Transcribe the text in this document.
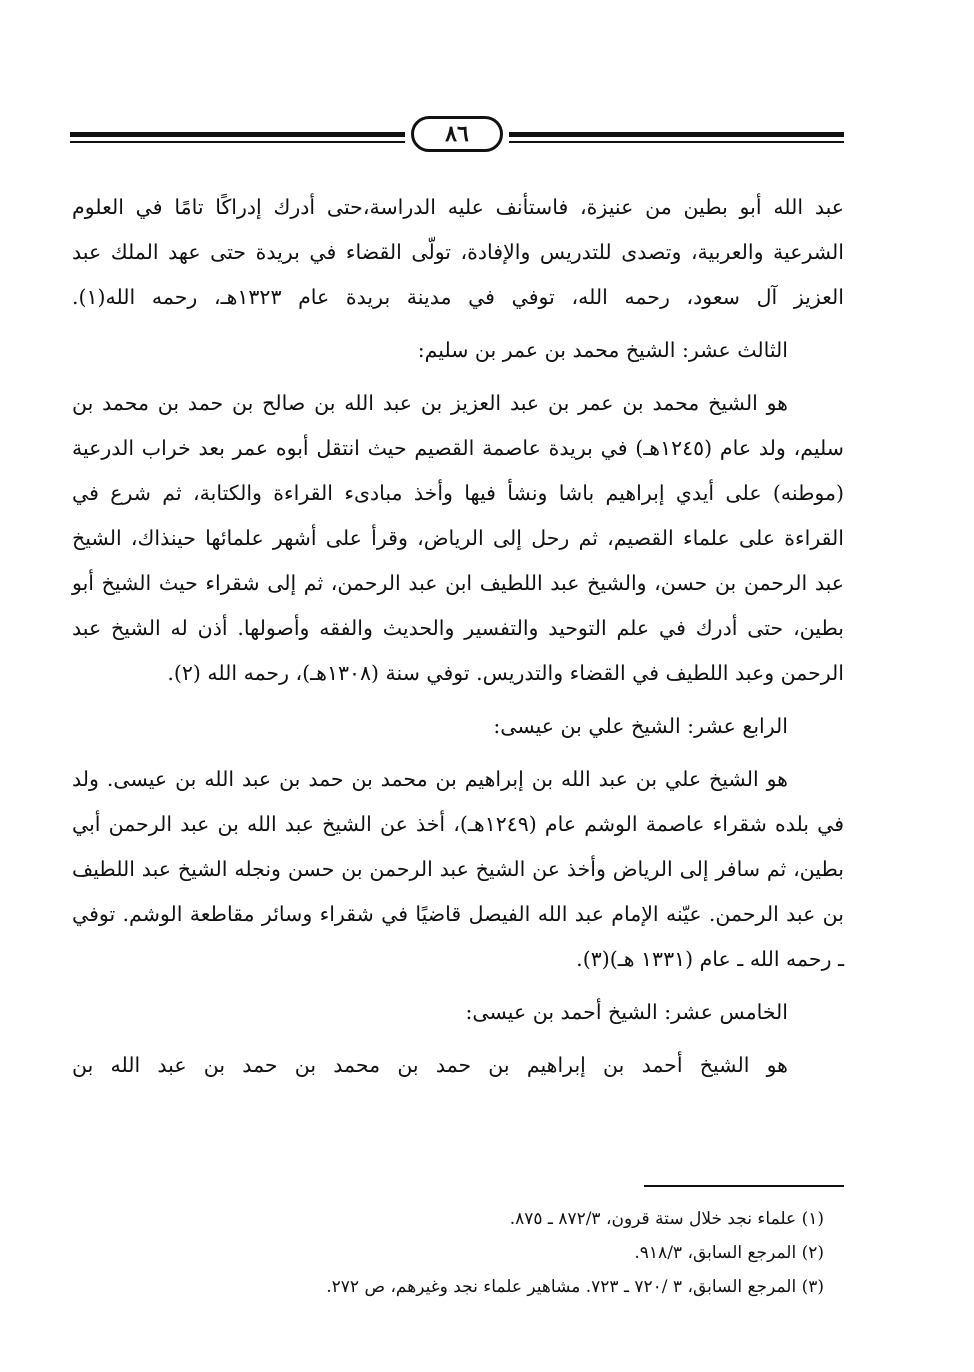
٨٦

عبد الله أبو بطين من عنيزة، فاستأنف عليه الدراسة،حتى أدرك إدراكًا تامًا في العلوم الشرعية والعربية، وتصدى للتدريس والإفادة، تولّى القضاء في بريدة حتى عهد الملك عبد العزيز آل سعود، رحمه الله، توفي في مدينة بريدة عام ١٣٢٣هـ، رحمه الله(١).

الثالث عشر: الشيخ محمد بن عمر بن سليم:

هو الشيخ محمد بن عمر بن عبد العزيز بن عبد الله بن صالح بن حمد بن محمد بن سليم، ولد عام (١٢٤٥هـ) في بريدة عاصمة القصيم حيث انتقل أبوه عمر بعد خراب الدرعية (موطنه) على أيدي إبراهيم باشا ونشأ فيها وأخذ مبادىء القراءة والكتابة، ثم شرع في القراءة على علماء القصيم، ثم رحل إلى الرياض، وقرأ على أشهر علمائها حينذاك، الشيخ عبد الرحمن بن حسن، والشيخ عبد اللطيف ابن عبد الرحمن، ثم إلى شقراء حيث الشيخ أبو بطين، حتى أدرك في علم التوحيد والتفسير والحديث والفقه وأصولها. أذن له الشيخ عبد الرحمن وعبد اللطيف في القضاء والتدريس. توفي سنة (١٣٠٨هـ)، رحمه الله (٢).

الرابع عشر: الشيخ علي بن عيسى:

هو الشيخ علي بن عبد الله بن إبراهيم بن محمد بن حمد بن عبد الله بن عيسى. ولد في بلده شقراء عاصمة الوشم عام (١٢٤٩هـ)، أخذ عن الشيخ عبد الله بن عبد الرحمن أبي بطين، ثم سافر إلى الرياض وأخذ عن الشيخ عبد الرحمن بن حسن ونجله الشيخ عبد اللطيف بن عبد الرحمن. عيّنه الإمام عبد الله الفيصل قاضيًا في شقراء وسائر مقاطعة الوشم. توفي ـ رحمه الله ـ عام (١٣٣١ هـ)(٣).

الخامس عشر: الشيخ أحمد بن عيسى:

هو الشيخ أحمد بن إبراهيم بن حمد بن محمد بن حمد بن عبد الله بن

(١) علماء نجد خلال ستة قرون، ٨٧٢/٣ ـ ٨٧٥.
(٢) المرجع السابق، ٩١٨/٣.
(٣) المرجع السابق، ٣ /٧٢٠ ـ ٧٢٣. مشاهير علماء نجد وغيرهم، ص ٢٧٢.
